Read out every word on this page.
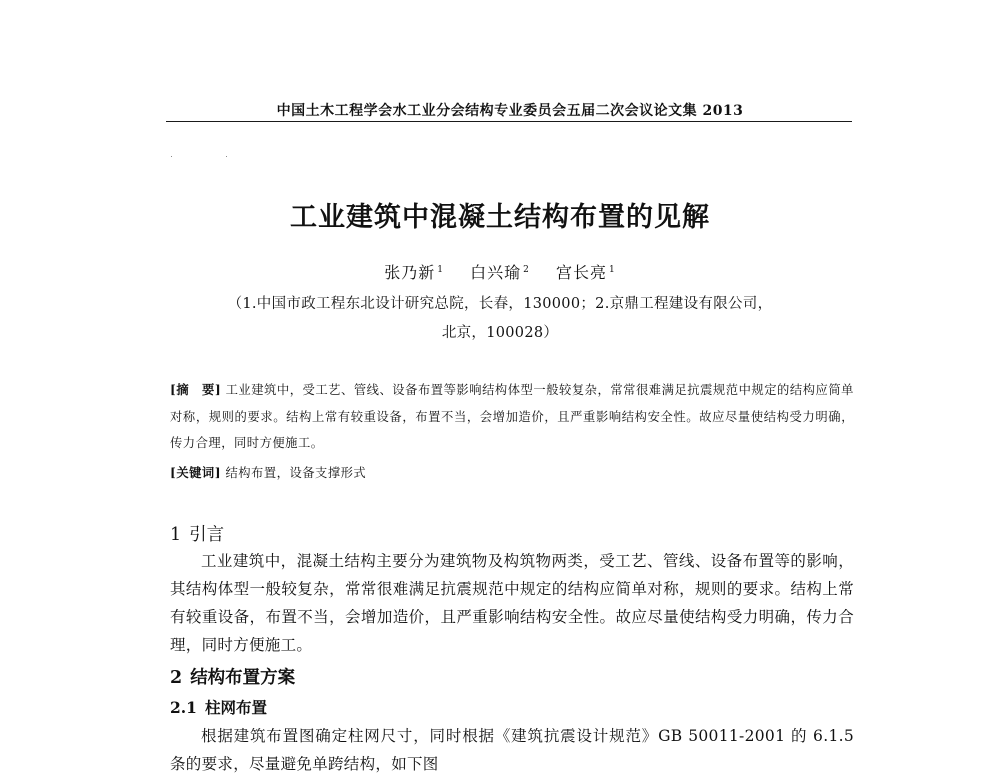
中国土木工程学会水工业分会结构专业委员会五届二次会议论文集 2013
工业建筑中混凝土结构布置的见解
张乃新 $^1$ 白兴瑜 $^2$ 宫长亮 $^1$
（1.中国市政工程东北设计研究总院，长春，130000；2.京鼎工程建设有限公司，
北京，100028）
[摘　要] 工业建筑中，受工艺、管线、设备布置等影响结构体型一般较复杂，常常很难满足抗震规范中规定的结构应简单对称，规则的要求。结构上常有较重设备，布置不当，会增加造价，且严重影响结构安全性。故应尽量使结构受力明确，传力合理，同时方便施工。
[关键词] 结构布置，设备支撑形式
1 引言
工业建筑中，混凝土结构主要分为建筑物及构筑物两类，受工艺、管线、设备布置等的影响，其结构体型一般较复杂，常常很难满足抗震规范中规定的结构应简单对称，规则的要求。结构上常有较重设备，布置不当，会增加造价，且严重影响结构安全性。故应尽量使结构受力明确，传力合理，同时方便施工。
2 结构布置方案
2.1 柱网布置
根据建筑布置图确定柱网尺寸，同时根据《建筑抗震设计规范》GB 50011-2001 的 6.1.5 条的要求，尽量避免单跨结构，如下图
